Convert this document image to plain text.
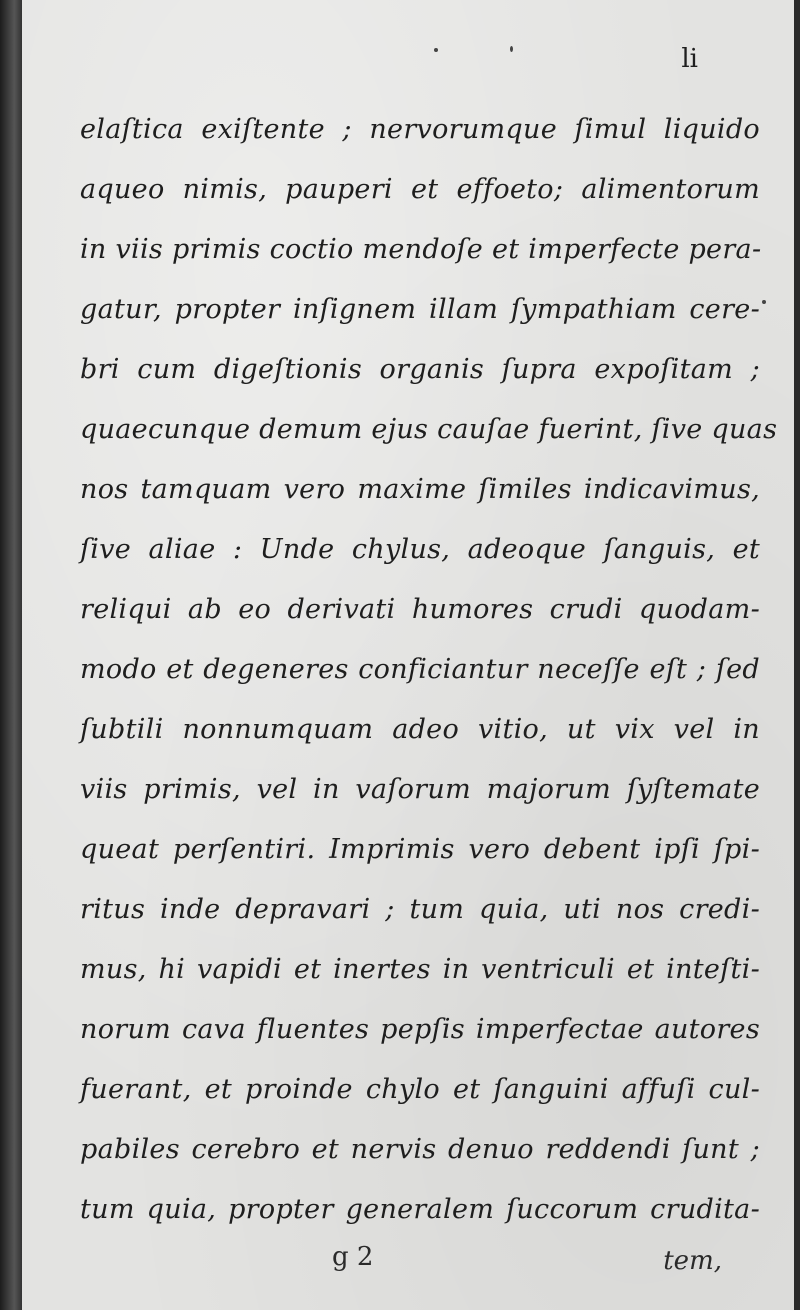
li
elaſtica exiſtente ; nervorumque ſimul liquido
aqueo nimis, pauperi et effoeto; alimentorum
in viis primis coctio mendoſe et imperfecte pera-
gatur, propter inſignem illam ſympathiam cere-
bri cum digeſtionis organis ſupra expoſitam ;
quaecunque demum ejus cauſae fuerint, ſive quas
nos tamquam vero maxime ſimiles indicavimus,
ſive aliae : Unde chylus, adeoque ſanguis, et
reliqui ab eo derivati humores crudi quodam-
modo et degeneres conficiantur neceſſe eſt ; ſed
ſubtili nonnumquam adeo vitio, ut vix vel in
viis primis, vel in vaſorum majorum ſyſtemate
queat perſentiri. Imprimis vero debent ipſi ſpi-
ritus inde depravari ; tum quia, uti nos credi-
mus, hi vapidi et inertes in ventriculi et inteſti-
norum cava fluentes pepſis imperfectae autores
fuerant, et proinde chylo et ſanguini affuſi cul-
pabiles cerebro et nervis denuo reddendi ſunt ;
tum quia, propter generalem ſuccorum crudita-
g 2	tem,
